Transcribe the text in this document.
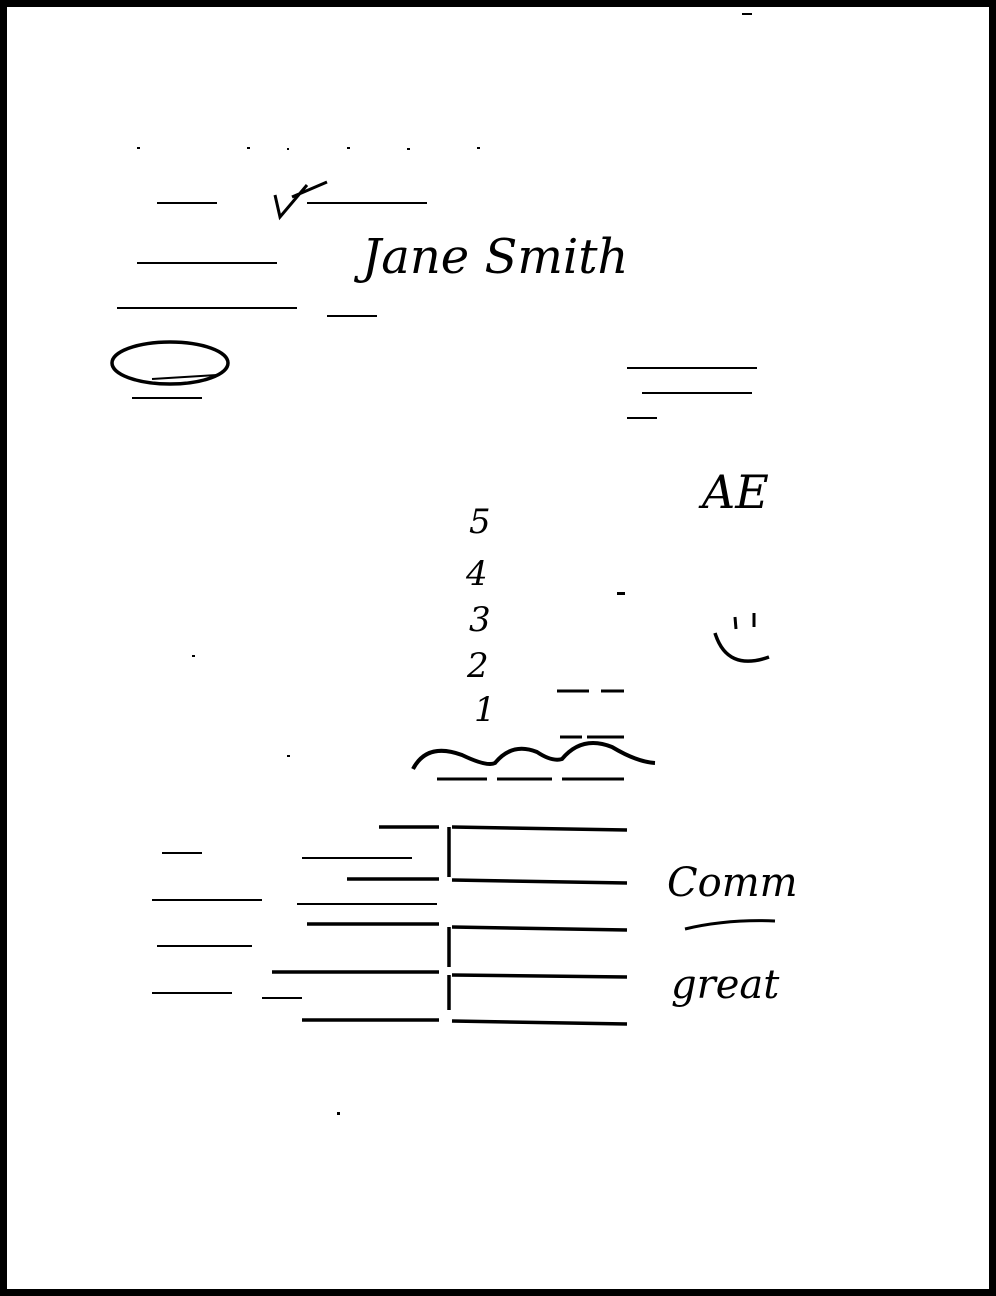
Jane Smith
AE
5
4
3
2
1
Comm
great
